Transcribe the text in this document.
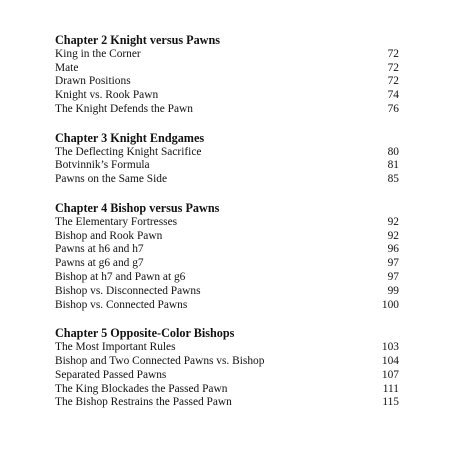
Chapter 2 Knight versus Pawns
King in the Corner	72
Mate	72
Drawn Positions	72
Knight vs. Rook Pawn	74
The Knight Defends the Pawn	76
Chapter 3 Knight Endgames
The Deflecting Knight Sacrifice	80
Botvinnik’s Formula	81
Pawns on the Same Side	85
Chapter 4 Bishop versus Pawns
The Elementary Fortresses	92
Bishop and Rook Pawn	92
Pawns at h6 and h7	96
Pawns at g6 and g7	97
Bishop at h7 and Pawn at g6	97
Bishop vs. Disconnected Pawns	99
Bishop vs. Connected Pawns	100
Chapter 5 Opposite-Color Bishops
The Most Important Rules	103
Bishop and Two Connected Pawns vs. Bishop	104
Separated Passed Pawns	107
The King Blockades the Passed Pawn	111
The Bishop Restrains the Passed Pawn	115
